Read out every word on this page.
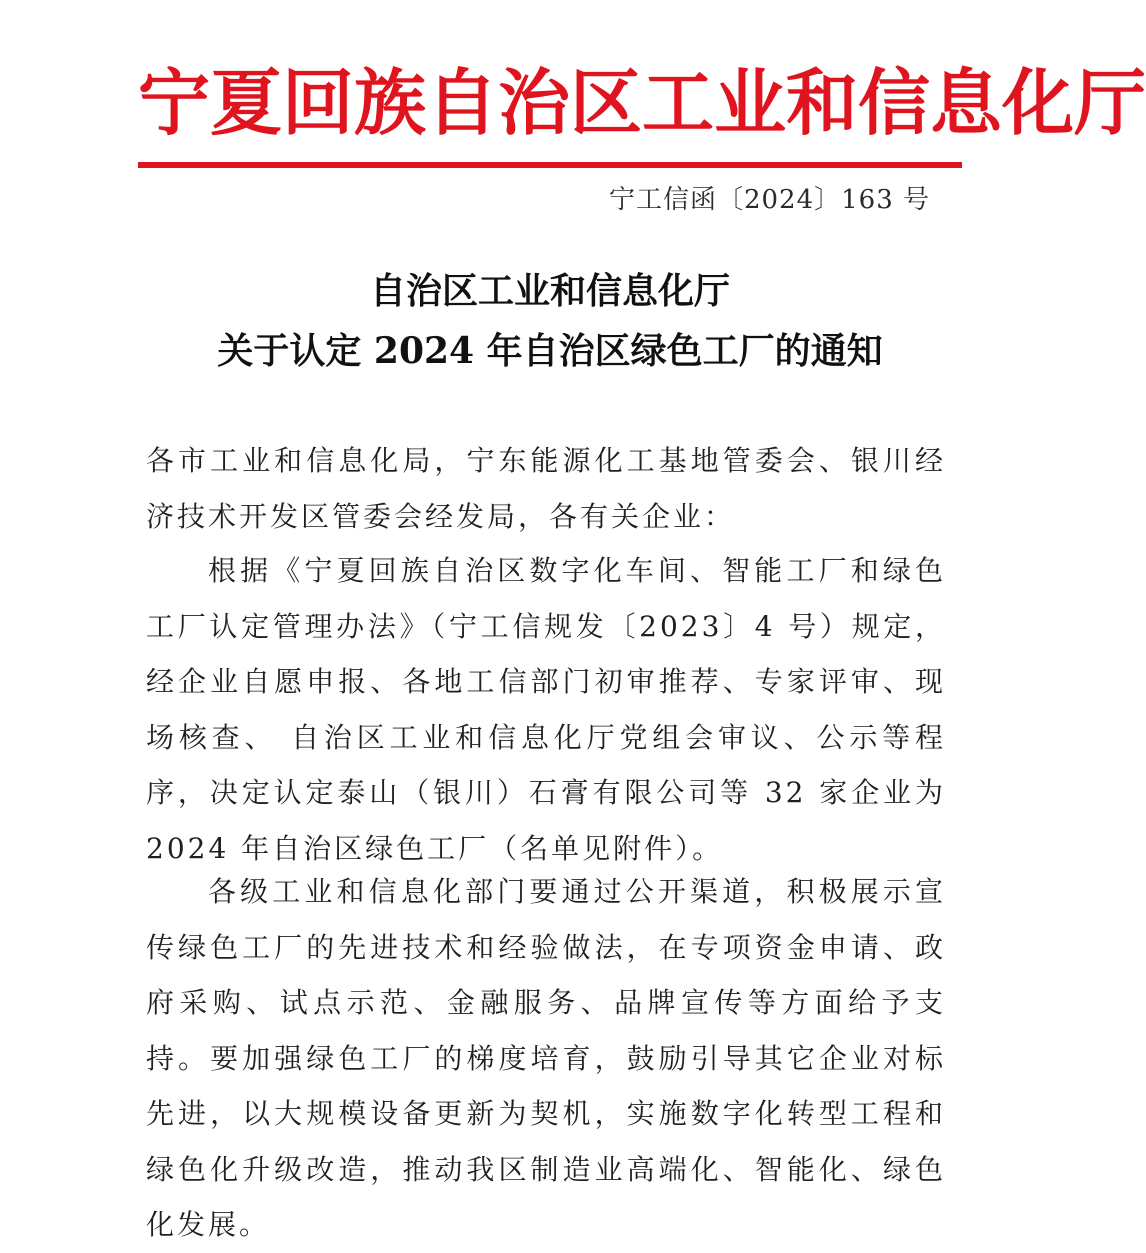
宁夏回族自治区工业和信息化厅
宁工信函〔2024〕163 号
自治区工业和信息化厅
关于认定 2024 年自治区绿色工厂的通知
各市工业和信息化局，宁东能源化工基地管委会、银川经济技术开发区管委会经发局，各有关企业：
根据《宁夏回族自治区数字化车间、智能工厂和绿色工厂认定管理办法》（宁工信规发〔2023〕4 号）规定，经企业自愿申报、各地工信部门初审推荐、专家评审、现场核查、 自治区工业和信息化厅党组会审议、公示等程序，决定认定泰山（银川）石膏有限公司等 32 家企业为 2024 年自治区绿色工厂（名单见附件）。
各级工业和信息化部门要通过公开渠道，积极展示宣传绿色工厂的先进技术和经验做法，在专项资金申请、政府采购、试点示范、金融服务、品牌宣传等方面给予支持。要加强绿色工厂的梯度培育，鼓励引导其它企业对标先进，以大规模设备更新为契机，实施数字化转型工程和绿色化升级改造，推动我区制造业高端化、智能化、绿色化发展。
